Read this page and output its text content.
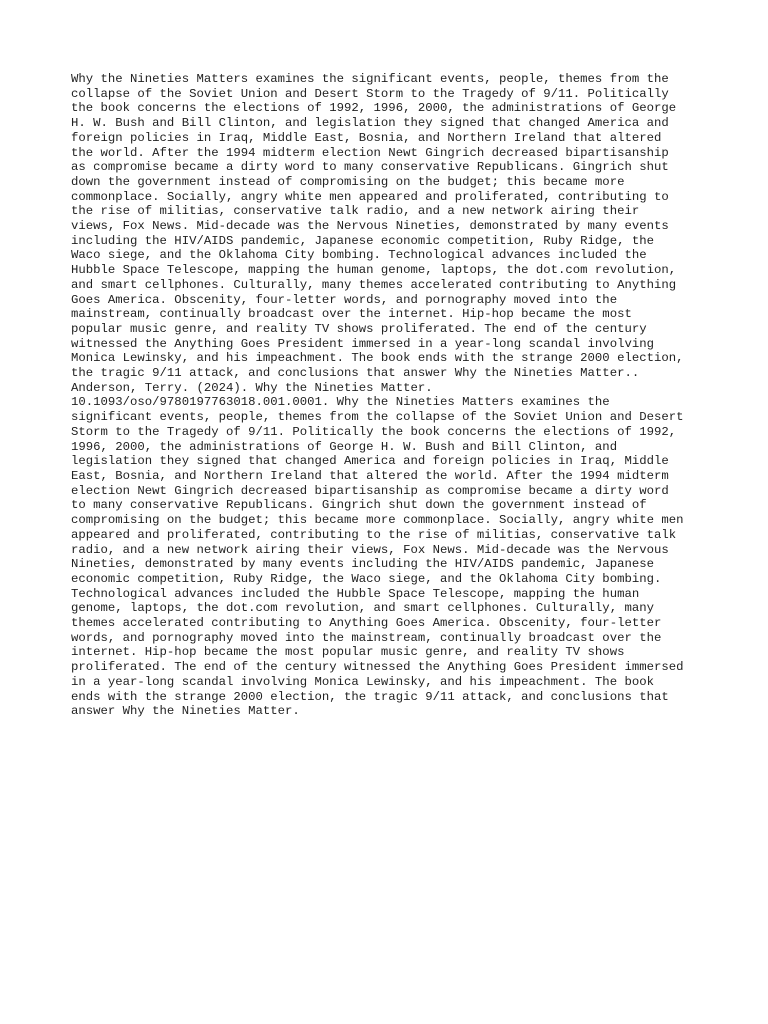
Why the Nineties Matters examines the significant events, people, themes from the
collapse of the Soviet Union and Desert Storm to the Tragedy of 9/11. Politically
the book concerns the elections of 1992, 1996, 2000, the administrations of George
H. W. Bush and Bill Clinton, and legislation they signed that changed America and
foreign policies in Iraq, Middle East, Bosnia, and Northern Ireland that altered
the world. After the 1994 midterm election Newt Gingrich decreased bipartisanship
as compromise became a dirty word to many conservative Republicans. Gingrich shut
down the government instead of compromising on the budget; this became more
commonplace. Socially, angry white men appeared and proliferated, contributing to
the rise of militias, conservative talk radio, and a new network airing their
views, Fox News. Mid-decade was the Nervous Nineties, demonstrated by many events
including the HIV/AIDS pandemic, Japanese economic competition, Ruby Ridge, the
Waco siege, and the Oklahoma City bombing. Technological advances included the
Hubble Space Telescope, mapping the human genome, laptops, the dot.com revolution,
and smart cellphones. Culturally, many themes accelerated contributing to Anything
Goes America. Obscenity, four-letter words, and pornography moved into the
mainstream, continually broadcast over the internet. Hip-hop became the most
popular music genre, and reality TV shows proliferated. The end of the century
witnessed the Anything Goes President immersed in a year-long scandal involving
Monica Lewinsky, and his impeachment. The book ends with the strange 2000 election,
the tragic 9/11 attack, and conclusions that answer Why the Nineties Matter..
Anderson, Terry. (2024). Why the Nineties Matter.
10.1093/oso/9780197763018.001.0001. Why the Nineties Matters examines the
significant events, people, themes from the collapse of the Soviet Union and Desert
Storm to the Tragedy of 9/11. Politically the book concerns the elections of 1992,
1996, 2000, the administrations of George H. W. Bush and Bill Clinton, and
legislation they signed that changed America and foreign policies in Iraq, Middle
East, Bosnia, and Northern Ireland that altered the world. After the 1994 midterm
election Newt Gingrich decreased bipartisanship as compromise became a dirty word
to many conservative Republicans. Gingrich shut down the government instead of
compromising on the budget; this became more commonplace. Socially, angry white men
appeared and proliferated, contributing to the rise of militias, conservative talk
radio, and a new network airing their views, Fox News. Mid-decade was the Nervous
Nineties, demonstrated by many events including the HIV/AIDS pandemic, Japanese
economic competition, Ruby Ridge, the Waco siege, and the Oklahoma City bombing.
Technological advances included the Hubble Space Telescope, mapping the human
genome, laptops, the dot.com revolution, and smart cellphones. Culturally, many
themes accelerated contributing to Anything Goes America. Obscenity, four-letter
words, and pornography moved into the mainstream, continually broadcast over the
internet. Hip-hop became the most popular music genre, and reality TV shows
proliferated. The end of the century witnessed the Anything Goes President immersed
in a year-long scandal involving Monica Lewinsky, and his impeachment. The book
ends with the strange 2000 election, the tragic 9/11 attack, and conclusions that
answer Why the Nineties Matter.
